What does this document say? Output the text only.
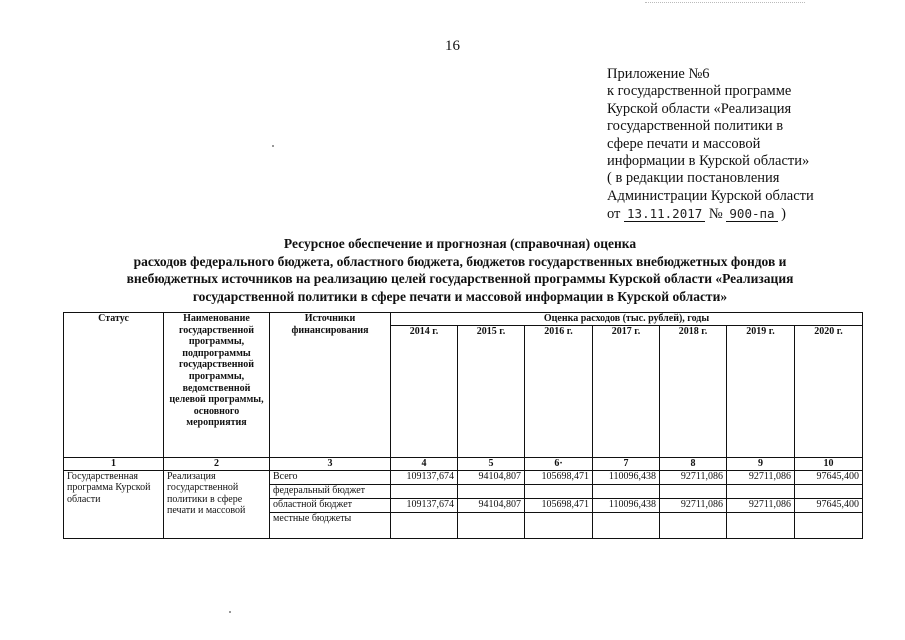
16
Приложение №6
к государственной программе
Курской области «Реализация
государственной политики в
сфере печати и массовой
информации в Курской области»
( в редакции постановления
Администрации Курской области
от 13.11.2017 № 900-па )
Ресурсное обеспечение и прогнозная (справочная) оценка
расходов федерального бюджета, областного бюджета, бюджетов государственных внебюджетных фондов и
внебюджетных источников на реализацию целей государственной программы Курской области «Реализация
государственной политики в сфере печати и массовой информации в Курской области»
Статус	Наименование государственной программы, подпрограммы государственной программы, ведомственной целевой программы, основного мероприятия	Источники финансирования	Оценка расходов (тыс. рублей), годы						
			2014 г.	2015 г.	2016 г.	2017 г.	2018 г.	2019 г.	2020 г.
1	2	3	4	5	6·	7	8	9	10
Государственная программа Курской области	Реализация государственной политики в сфере печати и массовой	Всего	109137,674	94104,807	105698,471	110096,438	92711,086	92711,086	97645,400
		федеральный бюджет							
		областной бюджет	109137,674	94104,807	105698,471	110096,438	92711,086	92711,086	97645,400
		местные бюджеты							
